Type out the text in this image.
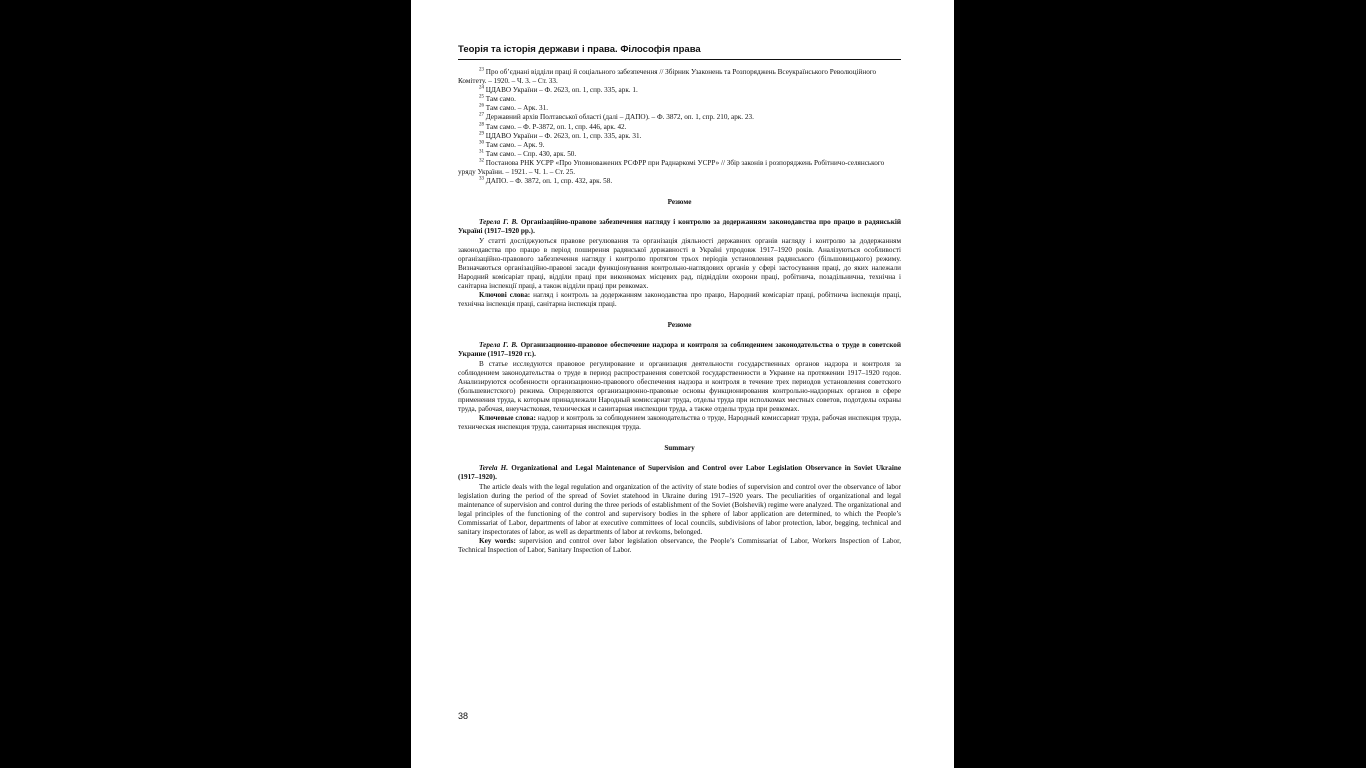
Теорія та історія держави і права. Філософія права

$^{23}$ Про об’єднані відділи праці й соціального забезпечення // Збірник Узаконень та Розпоряджень Всеукраїнського Революційного Комітету. – 1920. – Ч. 3. – Ст. 33.

$^{24}$ ЦДАВО України – Ф. 2623, оп. 1, спр. 335, арк. 1.

$^{25}$ Там само.

$^{26}$ Там само. – Арк. 31.

$^{27}$ Державний архів Полтавської області (далі – ДАПО). – Ф. 3872, оп. 1, спр. 210, арк. 23.

$^{28}$ Там само. – Ф. Р-3872, оп. 1, спр. 446, арк. 42.

$^{29}$ ЦДАВО України – Ф. 2623, оп. 1, спр. 335, арк. 31.

$^{30}$ Там само. – Арк. 9.

$^{31}$ Там само. – Спр. 430, арк. 50.

$^{32}$ Постанова РНК УСРР «Про Уповноважених РСФРР при Раднаркомі УСРР» // Збір законів і розпоряджень Робітничо-селянського уряду України. – 1921. – Ч. 1. – Ст. 25.

$^{33}$ ДАПО. – Ф. 3872, оп. 1, спр. 432, арк. 58.

Резюме

Терела Г. В. Організаційно-правове забезпечення нагляду і контролю за додержанням законодавства про працю в радянській Україні (1917–1920 рр.).

У статті досліджуються правове регулювання та організація діяльності державних органів нагляду і контролю за додержанням законодавства про працю в період поширення радянської державності в Україні упродовж 1917–1920 років. Аналізуються особливості організаційно-правового забезпечення нагляду і контролю протягом трьох періодів установлення радянського (більшовицького) режиму. Визначаються організаційно-правові засади функціонування контрольно-наглядових органів у сфері застосування праці, до яких належали Народний комісаріат праці, відділи праці при виконкомах місцевих рад, підвідділи охорони праці, робітнича, позадільнична, технічна і санітарна інспекції праці, а також відділи праці при ревкомах.

Ключові слова: нагляд і контроль за додержанням законодавства про працю, Народний комісаріат праці, робітнича інспекція праці, технічна інспекція праці, санітарна інспекція праці.

Резюме

Терела Г. В. Организационно-правовое обеспечение надзора и контроля за соблюдением законодательства о труде в советской Украине (1917–1920 гг.).

В статье исследуются правовое регулирование и организация деятельности государственных органов надзора и контроля за соблюдением законодательства о труде в период распространения советской государственности в Украине на протяжении 1917–1920 годов. Анализируются особенности организационно-правового обеспечения надзора и контроля в течение трех периодов установления советского (большевистского) режима. Определяются организационно-правовые основы функционирования контрольно-надзорных органов в сфере применения труда, к которым принадлежали Народный комиссариат труда, отделы труда при исполкомах местных советов, подотделы охраны труда, рабочая, внеучастковая, техническая и санитарная инспекции труда, а также отделы труда при ревкомах.

Ключевые слова: надзор и контроль за соблюдением законодательства о труде, Народный комиссариат труда, рабочая инспекция труда, техническая инспекция труда, санитарная инспекция труда.

Summary

Terela H. Organizational and Legal Maintenance of Supervision and Control over Labor Legislation Observance in Soviet Ukraine (1917–1920).

The article deals with the legal regulation and organization of the activity of state bodies of supervision and control over the observance of labor legislation during the period of the spread of Soviet statehood in Ukraine during 1917–1920 years. The peculiarities of organizational and legal maintenance of supervision and control during the three periods of establishment of the Soviet (Bolshevik) regime were analyzed. The organizational and legal principles of the functioning of the control and supervisory bodies in the sphere of labor application are determined, to which the People’s Commissariat of Labor, departments of labor at executive committees of local councils, subdivisions of labor protection, labor, begging, technical and sanitary inspectorates of labor, as well as departments of labor at revkoms, belonged.

Key words: supervision and control over labor legislation observance, the People’s Commissariat of Labor, Workers Inspection of Labor, Technical Inspection of Labor, Sanitary Inspection of Labor.

38
